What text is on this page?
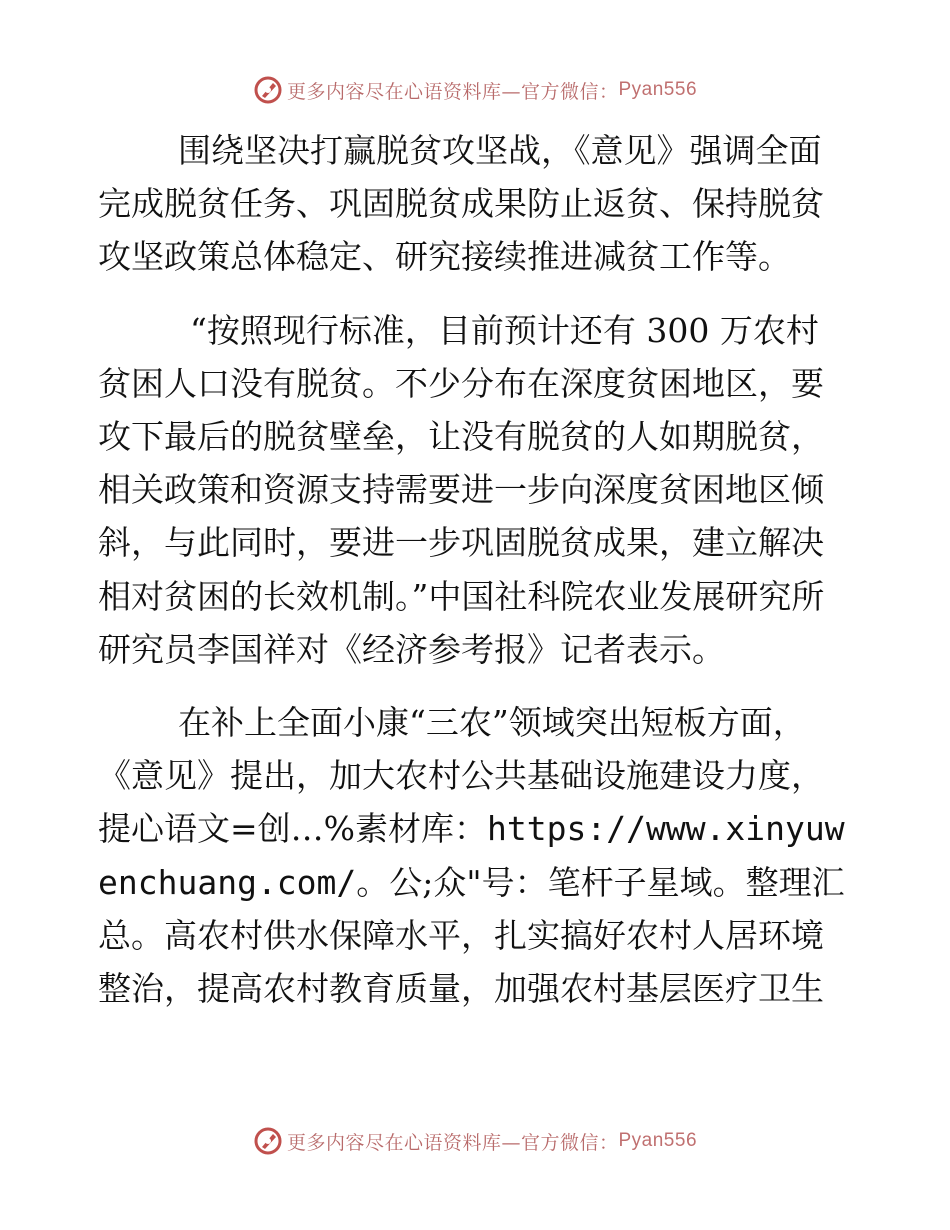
更多内容尽在心语资料库—官方微信： Pyan556

围绕坚决打赢脱贫攻坚战，《意见》强调全面完成脱贫任务、巩固脱贫成果防止返贫、保持脱贫攻坚政策总体稳定、研究接续推进减贫工作等。

“按照现行标准，目前预计还有 300 万农村贫困人口没有脱贫。不少分布在深度贫困地区，要攻下最后的脱贫壁垒，让没有脱贫的人如期脱贫，相关政策和资源支持需要进一步向深度贫困地区倾斜，与此同时，要进一步巩固脱贫成果，建立解决相对贫困的长效机制。”中国社科院农业发展研究所研究员李国祥对《经济参考报》记者表示。

在补上全面小康“三农”领域突出短板方面，《意见》提出，加大农村公共基础设施建设力度，提心语文=创…%素材库：https://www.xinyuwenchuang.com/。公;众"号：笔杆子星域。整理汇总。高农村供水保障水平，扎实搞好农村人居环境整治，提高农村教育质量，加强农村基层医疗卫生

更多内容尽在心语资料库—官方微信： Pyan556
